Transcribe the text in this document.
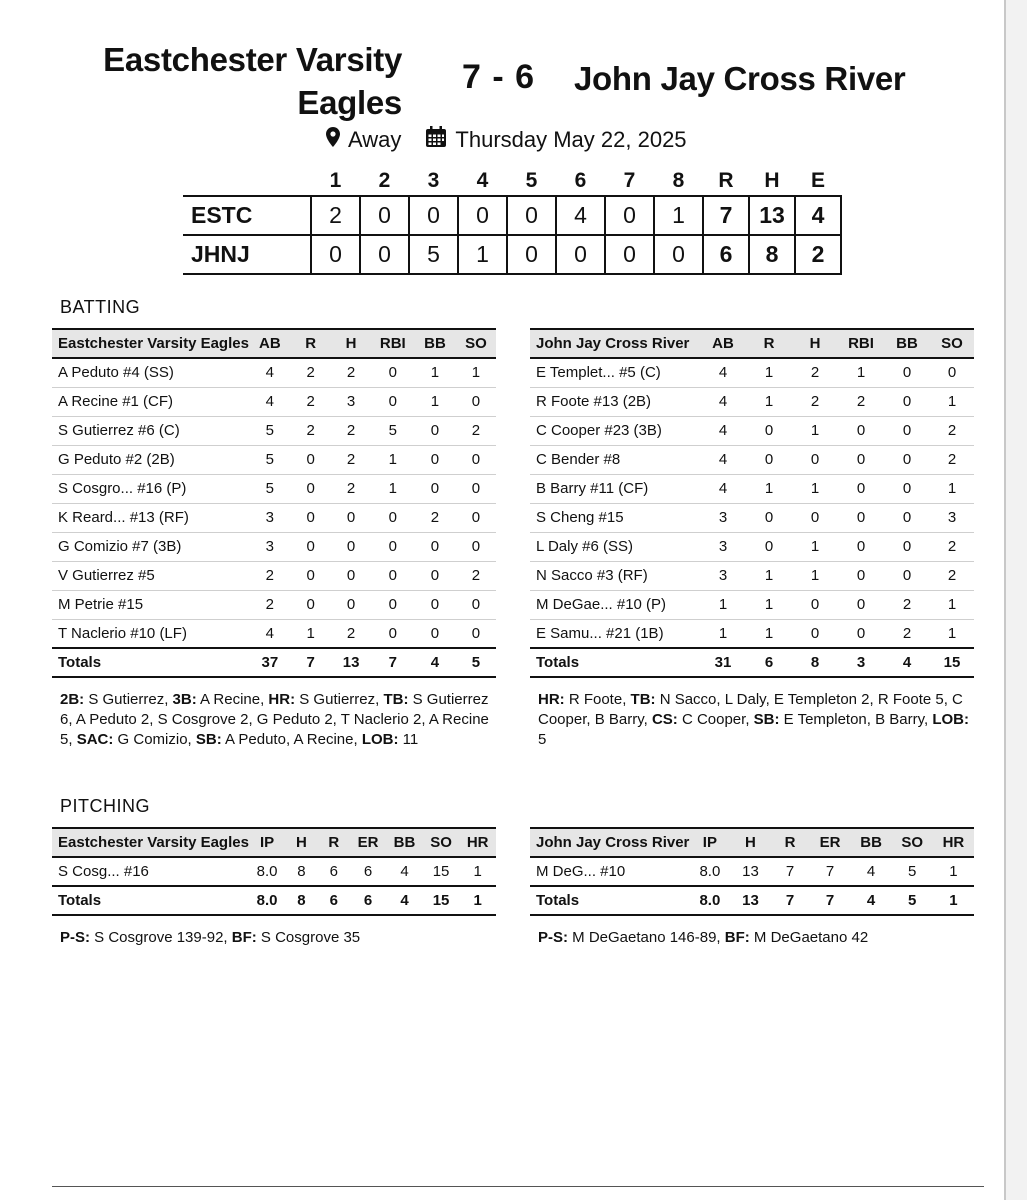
Eastchester Varsity Eagles
7 - 6 John Jay Cross River
Away Thursday May 22, 2025
	1	2	3	4	5	6	7	8	R	H	E
ESTC	2	0	0	0	0	4	0	1	7	13	4
JHNJ	0	0	5	1	0	0	0	0	6	8	2
BATTING
Eastchester Varsity Eagles	AB	R	H	RBI	BB	SO
A Peduto #4 (SS)	4	2	2	0	1	1
A Recine #1 (CF)	4	2	3	0	1	0
S Gutierrez #6 (C)	5	2	2	5	0	2
G Peduto #2 (2B)	5	0	2	1	0	0
S Cosgro... #16 (P)	5	0	2	1	0	0
K Reard... #13 (RF)	3	0	0	0	2	0
G Comizio #7 (3B)	3	0	0	0	0	0
V Gutierrez #5	2	0	0	0	0	2
M Petrie #15	2	0	0	0	0	0
T Naclerio #10 (LF)	4	1	2	0	0	0
Totals	37	7	13	7	4	5
John Jay Cross River	AB	R	H	RBI	BB	SO
E Templet... #5 (C)	4	1	2	1	0	0
R Foote #13 (2B)	4	1	2	2	0	1
C Cooper #23 (3B)	4	0	1	0	0	2
C Bender #8	4	0	0	0	0	2
B Barry #11 (CF)	4	1	1	0	0	1
S Cheng #15	3	0	0	0	0	3
L Daly #6 (SS)	3	0	1	0	0	2
N Sacco #3 (RF)	3	1	1	0	0	2
M DeGae... #10 (P)	1	1	0	0	2	1
E Samu... #21 (1B)	1	1	0	0	2	1
Totals	31	6	8	3	4	15
2B: S Gutierrez, 3B: A Recine, HR: S Gutierrez, TB: S Gutierrez 6, A Peduto 2, S Cosgrove 2, G Peduto 2, T Naclerio 2, A Recine 5, SAC: G Comizio, SB: A Peduto, A Recine, LOB: 11
HR: R Foote, TB: N Sacco, L Daly, E Templeton 2, R Foote 5, C Cooper, B Barry, CS: C Cooper, SB: E Templeton, B Barry, LOB: 5
PITCHING
Eastchester Varsity Eagles	IP	H	R	ER	BB	SO	HR
S Cosg... #16	8.0	8	6	6	4	15	1
Totals	8.0	8	6	6	4	15	1
John Jay Cross River	IP	H	R	ER	BB	SO	HR
M DeG... #10	8.0	13	7	7	4	5	1
Totals	8.0	13	7	7	4	5	1
P-S: S Cosgrove 139-92, BF: S Cosgrove 35	P-S: M DeGaetano 146-89, BF: M DeGaetano 42
